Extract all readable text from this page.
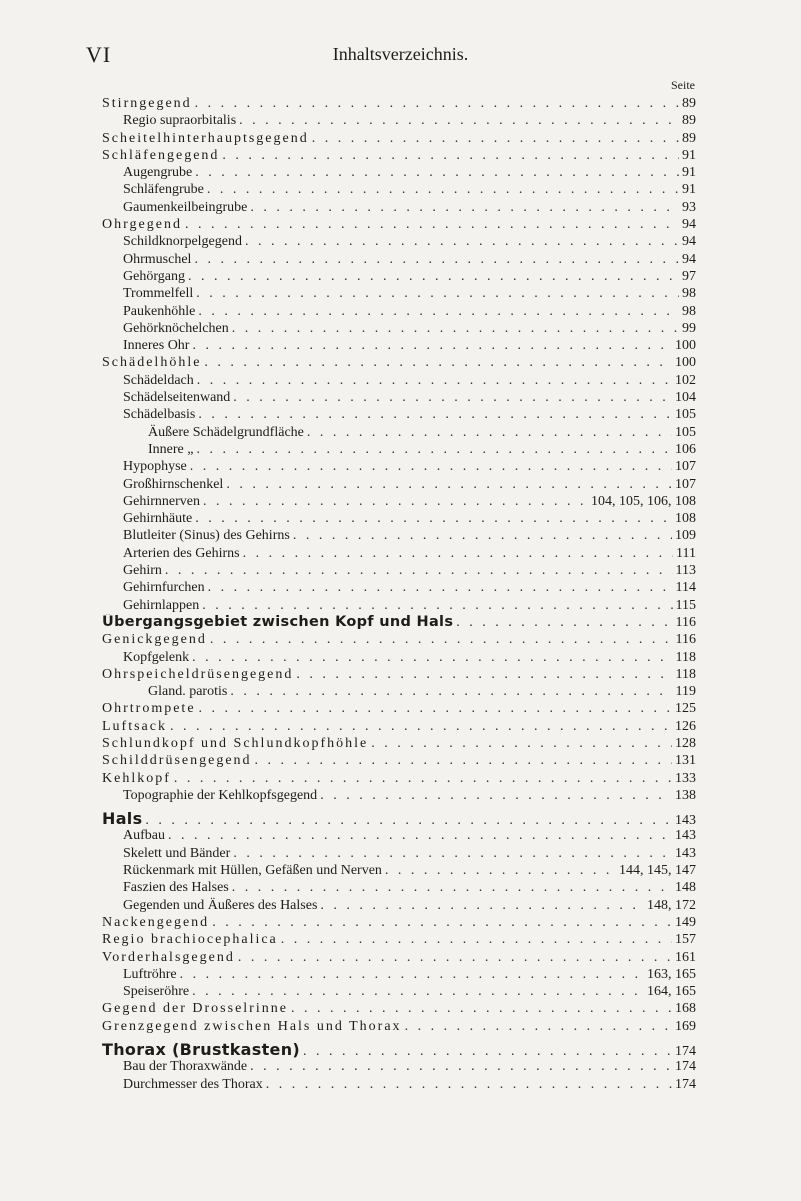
VI	Inhaltsverzeichnis.
Seite
Stirngegend . . .	89
Regio supraorbitalis . . .	89
Scheitelhinterhauptsgegend . . .	89
Schläfengegend . . .	91
Augengrube . . .	91
Schläfengrube . . .	91
Gaumenkeilbeingrube . . .	93
Ohrgegend . . .	94
Schildknorpelgegend . . .	94
Ohrmuschel . . .	94
Gehörgang . . .	97
Trommelfell . . .	98
Paukenhöhle . . .	98
Gehörknöchelchen . . .	99
Inneres Ohr . . .	100
Schädelhöhle . . .	100
Schädeldach . . .	102
Schädelseitenwand . . .	104
Schädelbasis . . .	105
Äußere Schädelgrundfläche . . .	105
Innere „ . . .	106
Hypophyse . . .	107
Großhirnschenkel . . .	107
Gehirnnerven . . .	104, 105, 106, 108
Gehirnhäute . . .	108
Blutleiter (Sinus) des Gehirns . . .	109
Arterien des Gehirns . . .	111
Gehirn . . .	113
Gehirnfurchen . . .	114
Gehirnlappen . . .	115
Übergangsgebiet zwischen Kopf und Hals . . .	116
Genickgegend . . .	116
Kopfgelenk . . .	118
Ohrspeicheldrüsengegend . . .	118
Gland. parotis . . .	119
Ohrtrompete . . .	125
Luftsack . . .	126
Schlundkopf und Schlundkopfhöhle . . .	128
Schilddrüsengegend . . .	131
Kehlkopf . . .	133
Topographie der Kehlkopfsgegend . . .	138
Hals . . .	143
Aufbau . . .	143
Skelett und Bänder . . .	143
Rückenmark mit Hüllen, Gefäßen und Nerven . . .	144, 145, 147
Faszien des Halses . . .	148
Gegenden und Äußeres des Halses . . .	148, 172
Nackengegend . . .	149
Regio brachiocephalica . . .	157
Vorderhalsgegend . . .	161
Luftröhre . . .	163, 165
Speiseröhre . . .	164, 165
Gegend der Drosselrinne . . .	168
Grenzgegend zwischen Hals und Thorax . . .	169
Thorax (Brustkasten) . . .	174
Bau der Thoraxwände . . .	174
Durchmesser des Thorax . . .	174
